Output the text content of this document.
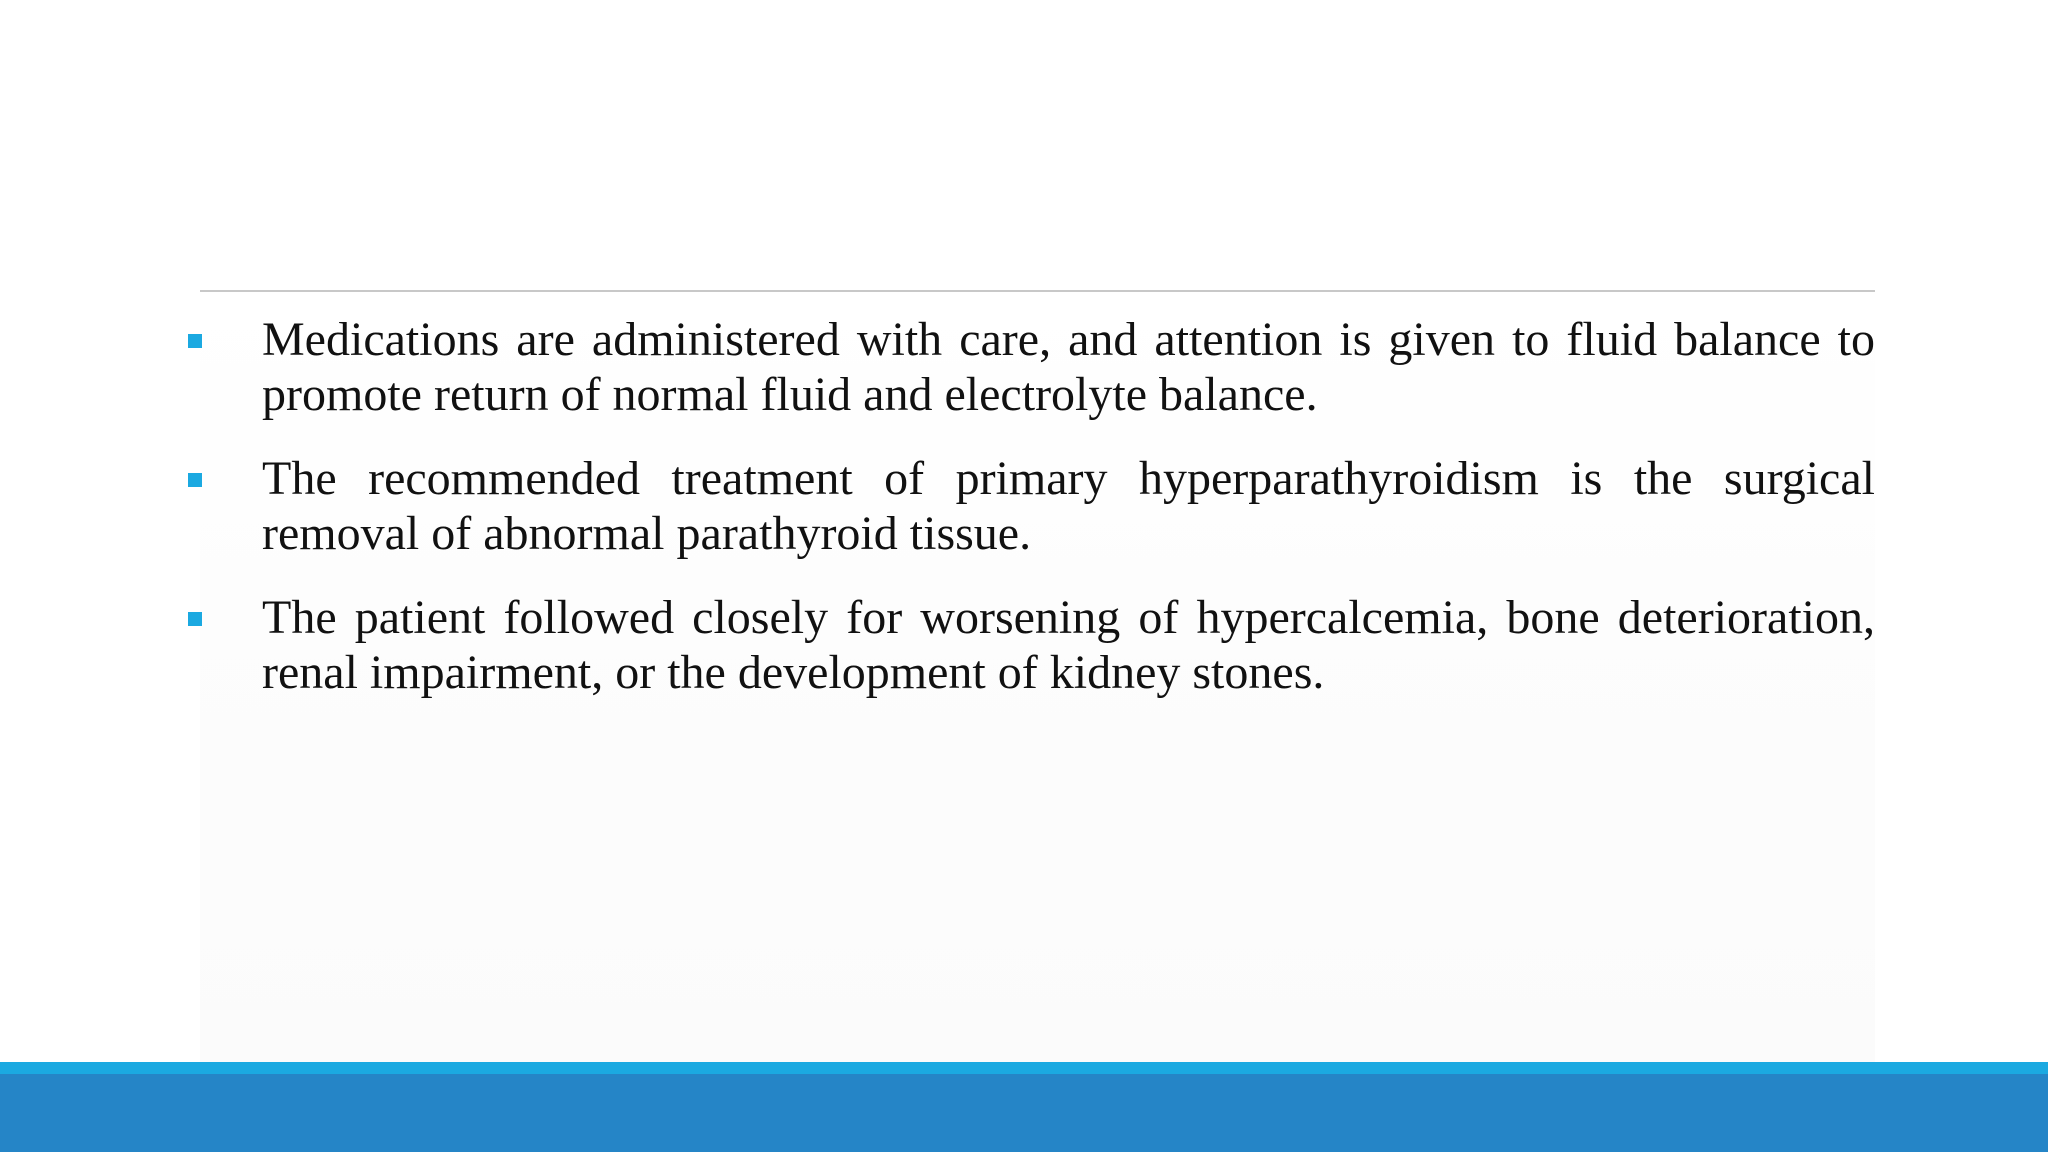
Medications are administered with care, and attention is given to fluid balance to promote return of normal fluid and electrolyte balance.
The recommended treatment of primary hyperparathyroidism is the surgical removal of abnormal parathyroid tissue.
The patient followed closely for worsening of hypercalcemia, bone deterioration, renal impairment, or the development of kidney stones.
